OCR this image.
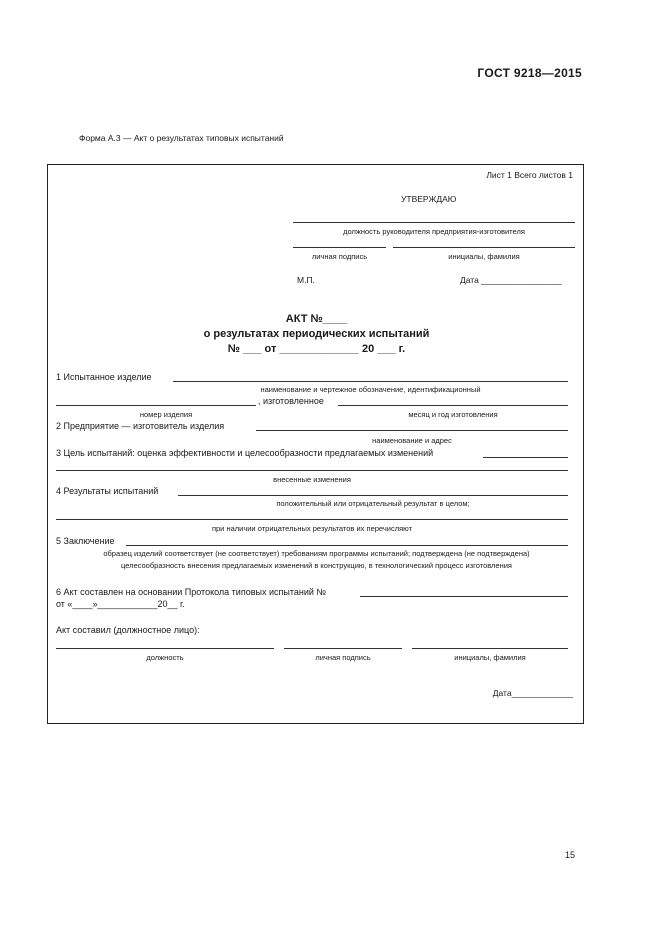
ГОСТ 9218—2015
Форма А.3 — Акт о результатах типовых испытаний
Лист 1 Всего листов 1
УТВЕРЖДАЮ
должность руководителя предприятия-изготовителя
личная подпись	инициалы, фамилия
М.П.	Дата _________________
АКТ №____
о результатах периодических испытаний
№ ___ от _____________ 20 ___ г.
1 Испытанное изделие
наименование и чертежное обозначение, идентификационный
, изготовленное
номер изделия	месяц и год изготовления
2 Предприятие — изготовитель изделия
наименование и адрес
3 Цель испытаний: оценка эффективности и целесообразности предлагаемых изменений
внесенные изменения
4 Результаты испытаний
положительный или отрицательный результат в целом;
при наличии отрицательных результатов их перечисляют
5 Заключение
образец изделий соответствует (не соответствует) требованиям программы испытаний; подтверждена (не подтверждена)
целесообразность внесения предлагаемых изменений в конструкцию, в технологический процесс изготовления
6 Акт составлен на основании Протокола типовых испытаний №
от «____»____________20__ г.
Акт составил (должностное лицо):
должность	личная подпись	инициалы, фамилия
Дата_____________
15
